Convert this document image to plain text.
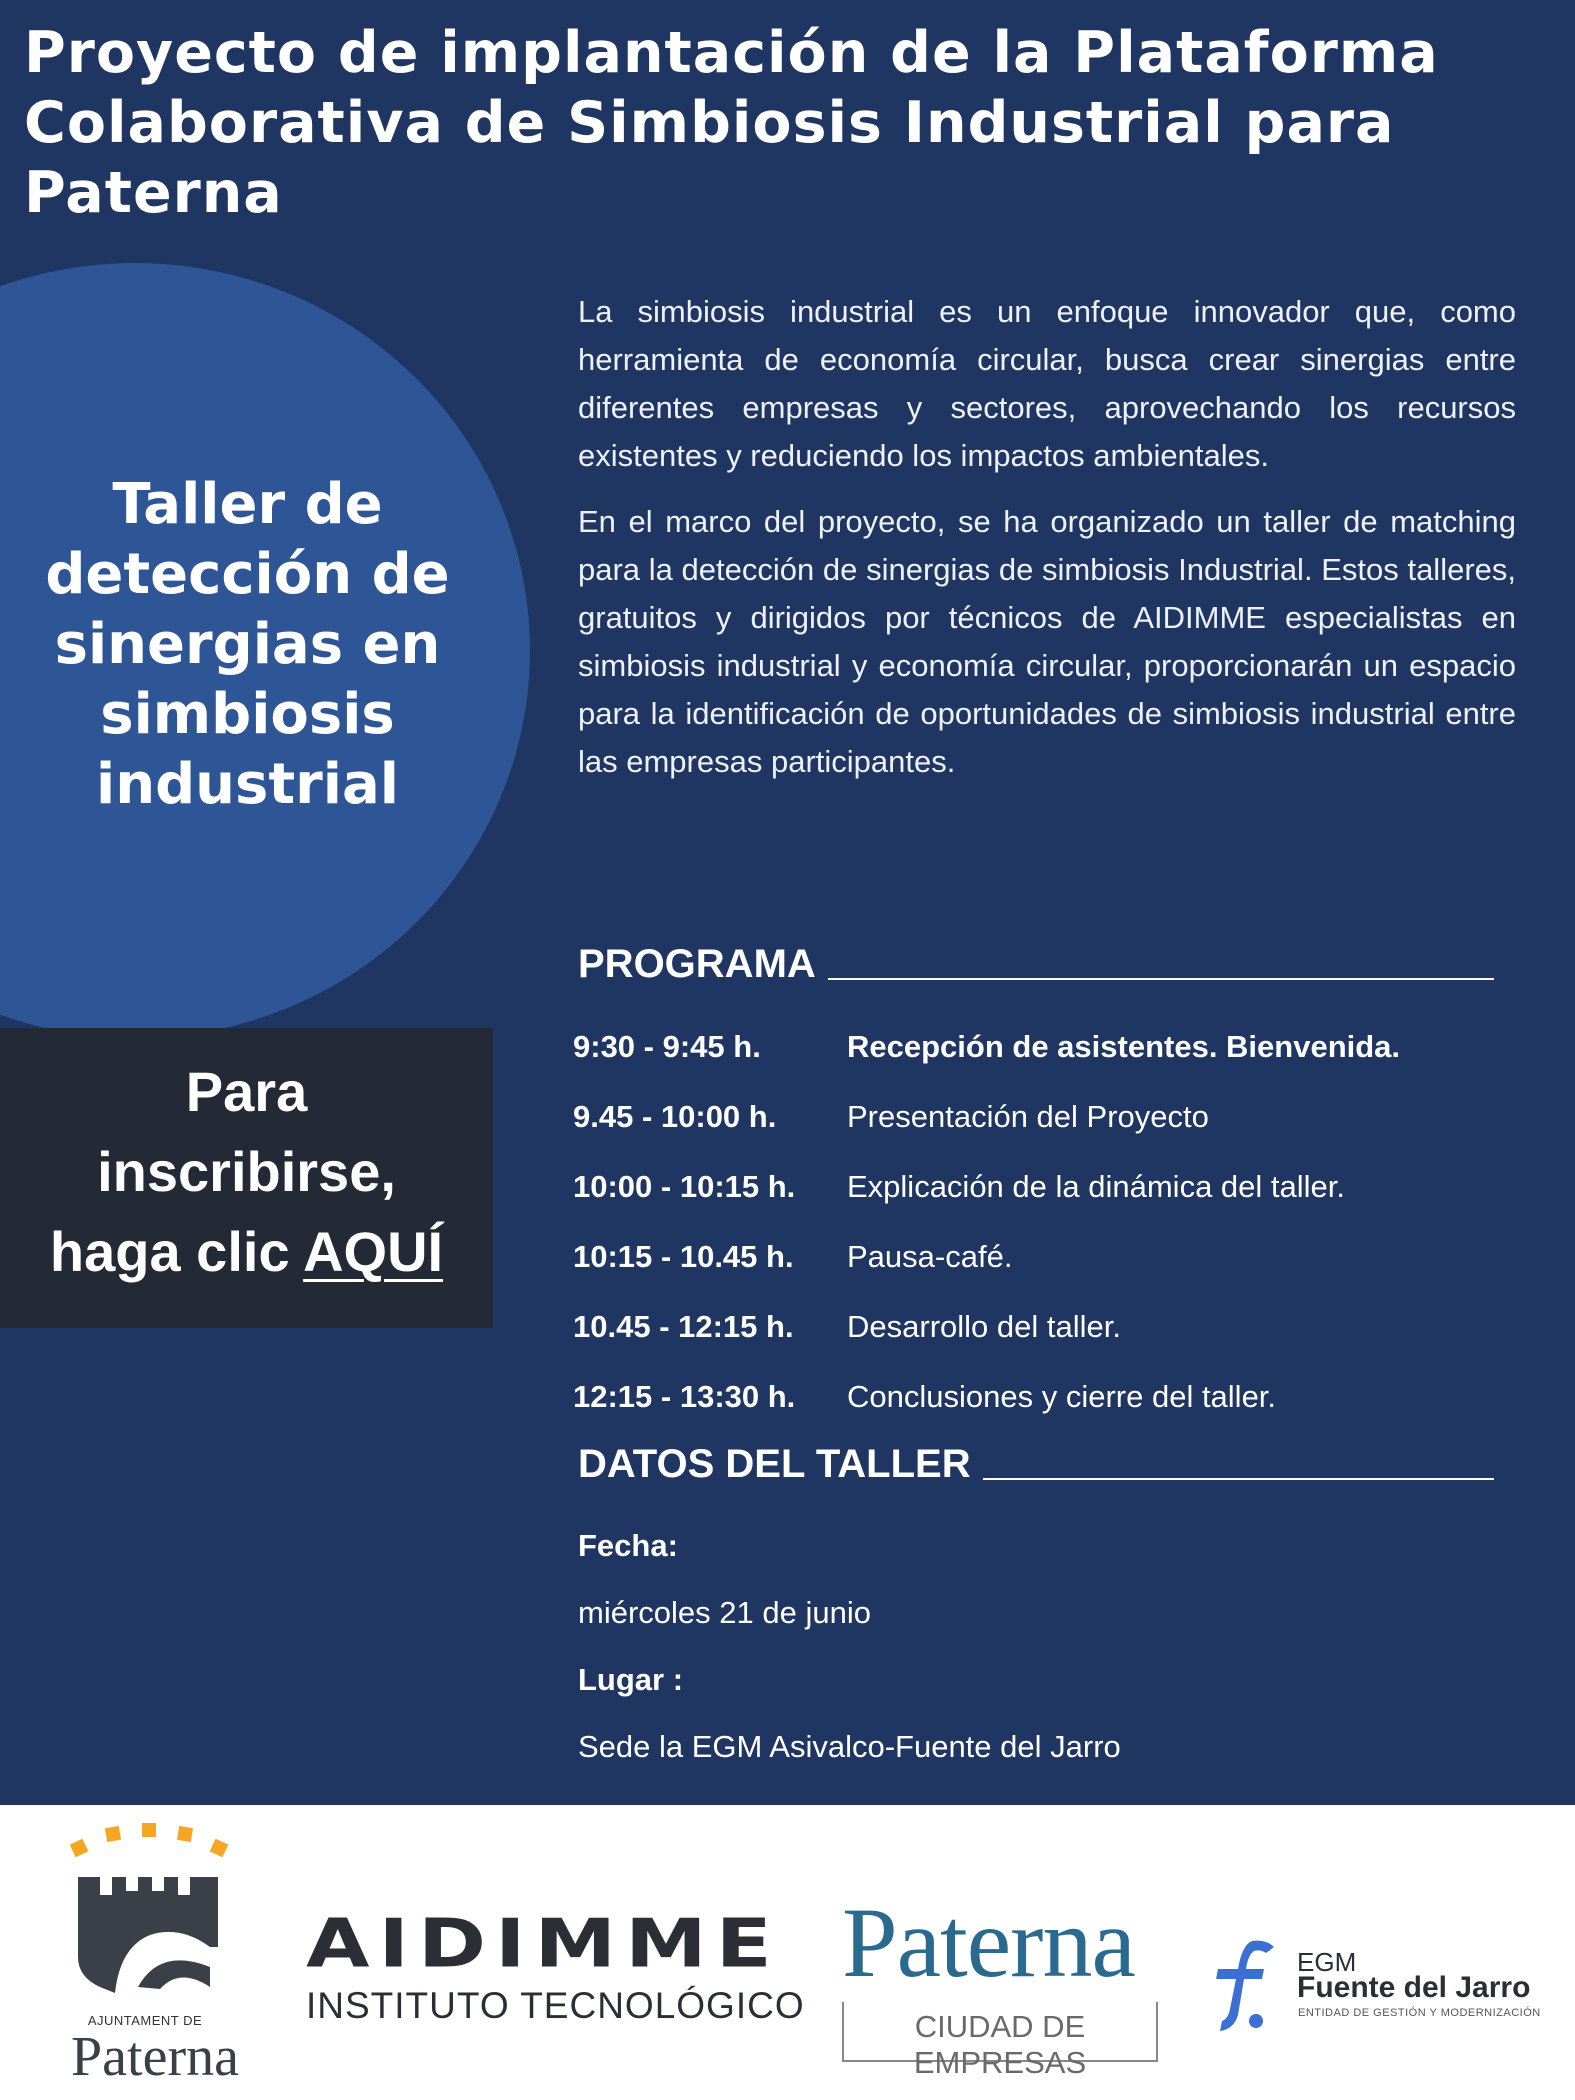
Proyecto de implantación de la Plataforma Colaborativa de Simbiosis Industrial para Paterna
Taller de detección de sinergias en simbiosis industrial
Para
inscribirse,
haga clic AQUÍ

La simbiosis industrial es un enfoque innovador que, como herramienta de economía circular, busca crear sinergias entre diferentes empresas y sectores, aprovechando los recursos existentes y reduciendo los impactos ambientales.

En el marco del proyecto, se ha organizado un taller de matching para la detección de sinergias de simbiosis Industrial. Estos talleres, gratuitos y dirigidos por técnicos de AIDIMME especialistas en simbiosis industrial y economía circular, proporcionarán un espacio para la identificación de oportunidades de simbiosis industrial entre las empresas participantes.

PROGRAMA
9:30 - 9:45 h.	Recepción de asistentes. Bienvenida.
9.45 - 10:00 h.	Presentación del Proyecto
10:00 - 10:15 h.	Explicación de la dinámica del taller.
10:15 - 10.45 h.	Pausa-café.
10.45 - 12:15 h.	Desarrollo del taller.
12:15 - 13:30 h.	Conclusiones y cierre del taller.
DATOS DEL TALLER
Fecha:
miércoles 21 de junio
Lugar :
Sede la EGM Asivalco-Fuente del Jarro
AJUNTAMENT DE
Paterna
AIDIMME
INSTITUTO TECNOLÓGICO
Paterna
CIUDAD DE EMPRESAS
EGM
Fuente del Jarro
ENTIDAD DE GESTIÓN Y MODERNIZACIÓN
